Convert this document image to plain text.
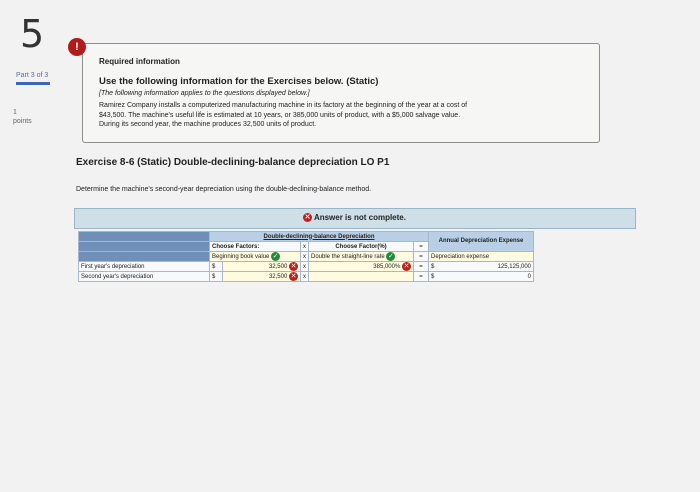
5
Part 3 of 3
1
points
Required information
Use the following information for the Exercises below. (Static)
[The following information applies to the questions displayed below.]
Ramirez Company installs a computerized manufacturing machine in its factory at the beginning of the year at a cost of
$43,500. The machine's useful life is estimated at 10 years, or 385,000 units of product, with a $5,000 salvage value.
During its second year, the machine produces 32,500 units of product.
!
Exercise 8-6 (Static) Double-declining-balance depreciation LO P1
Determine the machine's second-year depreciation using the double-declining-balance method.
✕ Answer is not complete.
	Double-declining-balance Depreciation					Annual Depreciation Expense
	Choose Factors:		x	Choose Factor(%)	=	
	Beginning book value ✓		x	Double the straight-line rate ✓	=	Depreciation expense
First year's depreciation	$	32,500 ✕	x	385,000% ✕	=	$ 125,125,000

Second year's depreciation	$	32,500 ✕	x		=	$ 0
